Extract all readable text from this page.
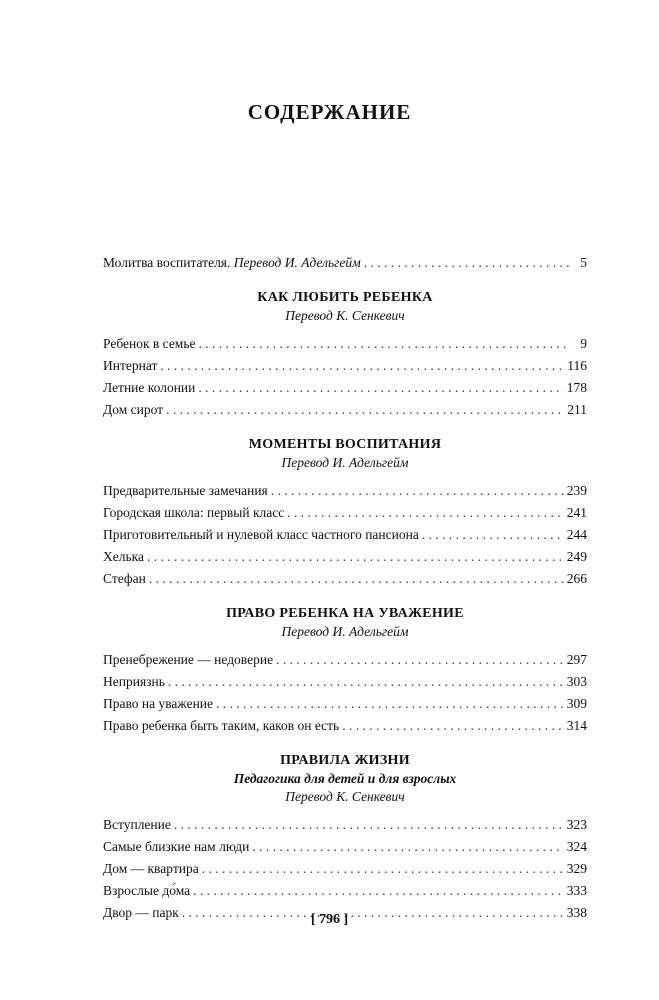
СОДЕРЖАНИЕ
Молитва воспитателя. Перевод И. Адельгейм . . .	5
КАК ЛЮБИТЬ РЕБЕНКА
Перевод К. Сенкевич
Ребенок в семье . . .	9
Интернат . . .	116
Летние колонии . . .	178
Дом сирот . . .	211
МОМЕНТЫ ВОСПИТАНИЯ
Перевод И. Адельгейм
Предварительные замечания . . .	239
Городская школа: первый класс . . .	241
Приготовительный и нулевой класс частного пансиона . . .	244
Хелька . . .	249
Стефан . . .	266
ПРАВО РЕБЕНКА НА УВАЖЕНИЕ
Перевод И. Адельгейм
Пренебрежение — недоверие . . .	297
Неприязнь . . .	303
Право на уважение . . .	309
Право ребенка быть таким, каков он есть . . .	314
ПРАВИЛА ЖИЗНИ
Педагогика для детей и для взрослых
Перевод К. Сенкевич
Вступление . . .	323
Самые близкие нам люди . . .	324
Дом — квартира . . .	329
Взрослые до́ма . . .	333
Двор — парк . . .	338
[ 796 ]
